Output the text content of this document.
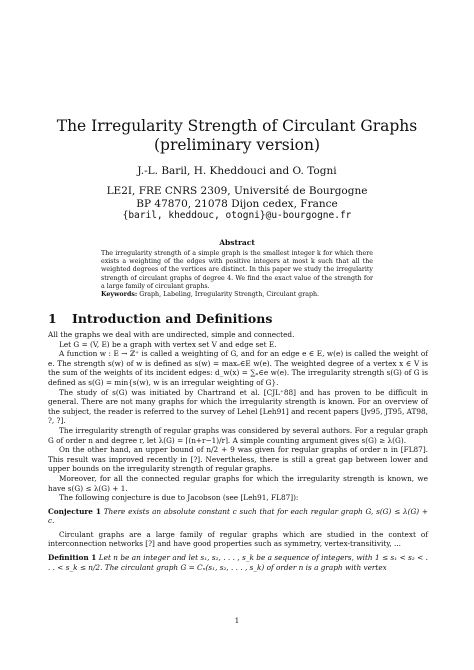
The Irregularity Strength of Circulant Graphs
(preliminary version)
J.-L. Baril, H. Kheddouci and O. Togni
LE2I, FRE CNRS 2309, Université de Bourgogne
BP 47870, 21078 Dijon cedex, France
{baril, kheddouc, otogni}@u-bourgogne.fr
Abstract
The irregularity strength of a simple graph is the smallest integer k for which there exists a weighting of the edges with positive integers at most k such that all the weighted degrees of the vertices are distinct. In this paper we study the irregularity strength of circulant graphs of degree 4. We find the exact value of the strength for a large family of circulant graphs.
Keywords: Graph, Labeling, Irregularity Strength, Circulant graph.
1 Introduction and Definitions

All the graphs we deal with are undirected, simple and connected.

Let G = (V, E) be a graph with vertex set V and edge set E.

A function w : E → ℤ⁺ is called a weighting of G, and for an edge e ∈ E, w(e) is called the weight of e. The strength s(w) of w is defined as s(w) = maxₑ∈E w(e). The weighted degree of a vertex x ∈ V is the sum of the weights of its incident edges: d_w(x) = ∑ₓ∈e w(e). The irregularity strength s(G) of G is defined as s(G) = min{s(w), w is an irregular weighting of G}.

The study of s(G) was initiated by Chartrand et al. [CJL⁺88] and has proven to be difficult in general. There are not many graphs for which the irregularity strength is known. For an overview of the subject, the reader is referred to the survey of Lehel [Leh91] and recent papers [Jv95, JT95, AT98, ?, ?].

The irregularity strength of regular graphs was considered by several authors. For a regular graph G of order n and degree r, let λ(G) = ⌈(n+r−1)/r⌉. A simple counting argument gives s(G) ≥ λ(G).

On the other hand, an upper bound of n/2 + 9 was given for regular graphs of order n in [FL87]. This result was improved recently in [?]. Nevertheless, there is still a great gap between lower and upper bounds on the irregularity strength of regular graphs.

Moreover, for all the connected regular graphs for which the irregularity strength is known, we have s(G) ≤ λ(G) + 1.

The following conjecture is due to Jacobson (see [Leh91, FL87]):

Conjecture 1 There exists an absolute constant c such that for each regular graph G, s(G) ≤ λ(G) + c.

Circulant graphs are a large family of regular graphs which are studied in the context of interconnection networks [?] and have good properties such as symmetry, vertex-transitivity, ...

Definition 1 Let n be an integer and let s₁, s₂, . . . , s_k be a sequence of integers, with 1 ≤ s₁ < s₂ < . . . < s_k ≤ n/2. The circulant graph G = Cₙ(s₁, s₂, . . . , s_k) of order n is a graph with vertex

1
